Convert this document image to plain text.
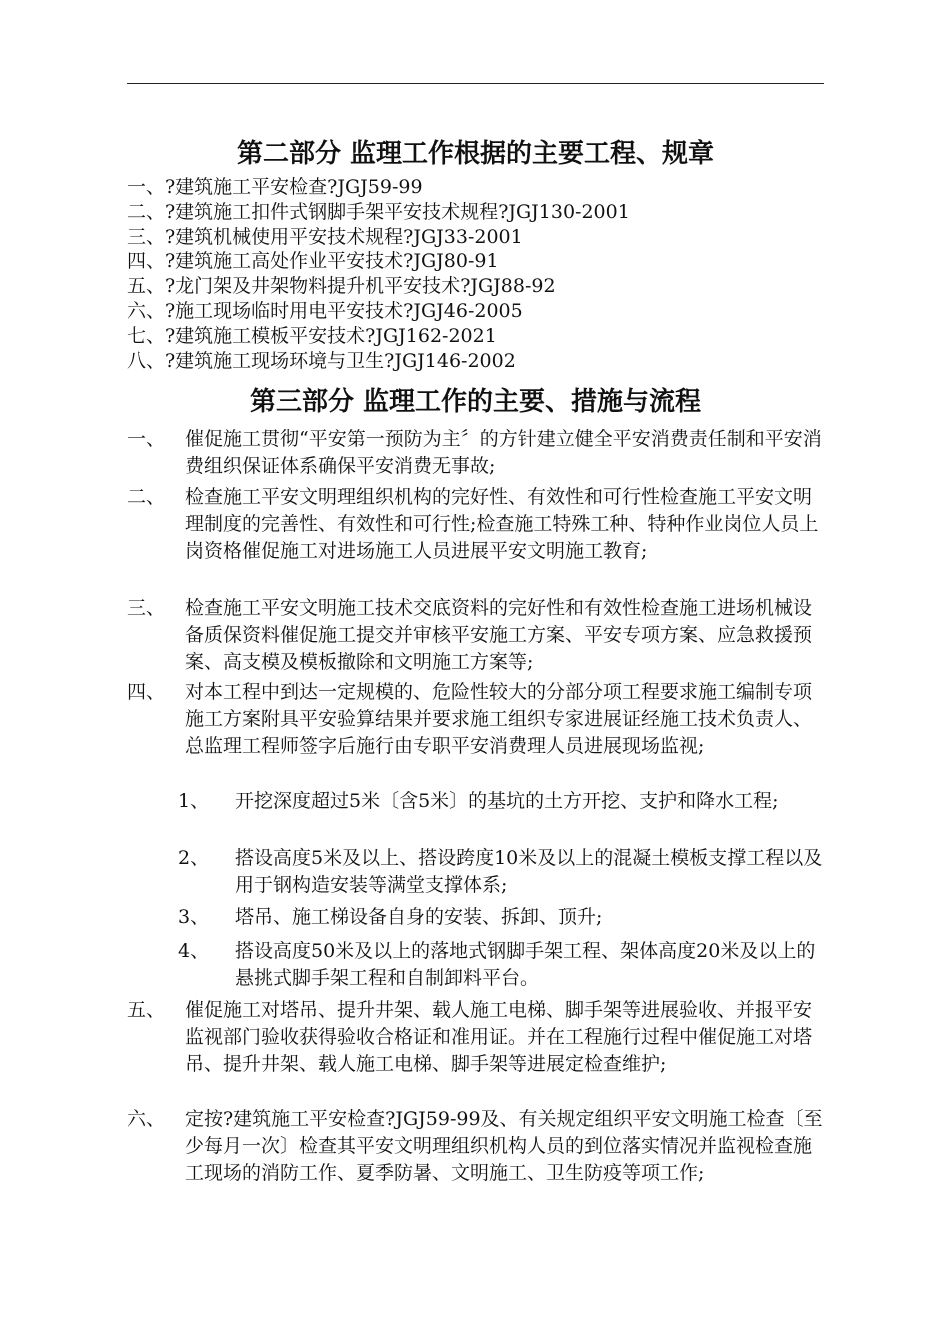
第二部分 监理工作根据的主要工程、规章
一、?建筑施工平安检查?JGJ59-99
二、?建筑施工扣件式钢脚手架平安技术规程?JGJ130-2001
三、?建筑机械使用平安技术规程?JGJ33-2001
四、?建筑施工高处作业平安技术?JGJ80-91
五、?龙门架及井架物料提升机平安技术?JGJ88-92
六、?施工现场临时用电平安技术?JGJ46-2005
七、?建筑施工模板平安技术?JGJ162-2021
八、?建筑施工现场环境与卫生?JGJ146-2002
第三部分 监理工作的主要、措施与流程
一、 催促施工贯彻“平安第一预防为主〞的方针建立健全平安消费责任制和平安消费组织保证体系确保平安消费无事故;
二、 检查施工平安文明理组织机构的完好性、有效性和可行性检查施工平安文明理制度的完善性、有效性和可行性;检查施工特殊工种、特种作业岗位人员上岗资格催促施工对进场施工人员进展平安文明施工教育;
三、 检查施工平安文明施工技术交底资料的完好性和有效性检查施工进场机械设备质保资料催促施工提交并审核平安施工方案、平安专项方案、应急救援预案、高支模及模板撤除和文明施工方案等;
四、 对本工程中到达一定规模的、危险性较大的分部分项工程要求施工编制专项施工方案附具平安验算结果并要求施工组织专家进展证经施工技术负责人、总监理工程师签字后施行由专职平安消费理人员进展现场监视;
1、 开挖深度超过5米〔含5米〕的基坑的土方开挖、支护和降水工程;
2、 搭设高度5米及以上、搭设跨度10米及以上的混凝土模板支撑工程以及用于钢构造安装等满堂支撑体系;
3、 塔吊、施工梯设备自身的安装、拆卸、顶升;
4、 搭设高度50米及以上的落地式钢脚手架工程、架体高度20米及以上的悬挑式脚手架工程和自制卸料平台。
五、 催促施工对塔吊、提升井架、载人施工电梯、脚手架等进展验收、并报平安监视部门验收获得验收合格证和准用证。并在工程施行过程中催促施工对塔吊、提升井架、载人施工电梯、脚手架等进展定检查维护;
六、 定按?建筑施工平安检查?JGJ59-99及、有关规定组织平安文明施工检查〔至少每月一次〕检查其平安文明理组织机构人员的到位落实情况并监视检查施工现场的消防工作、夏季防暑、文明施工、卫生防疫等项工作;
